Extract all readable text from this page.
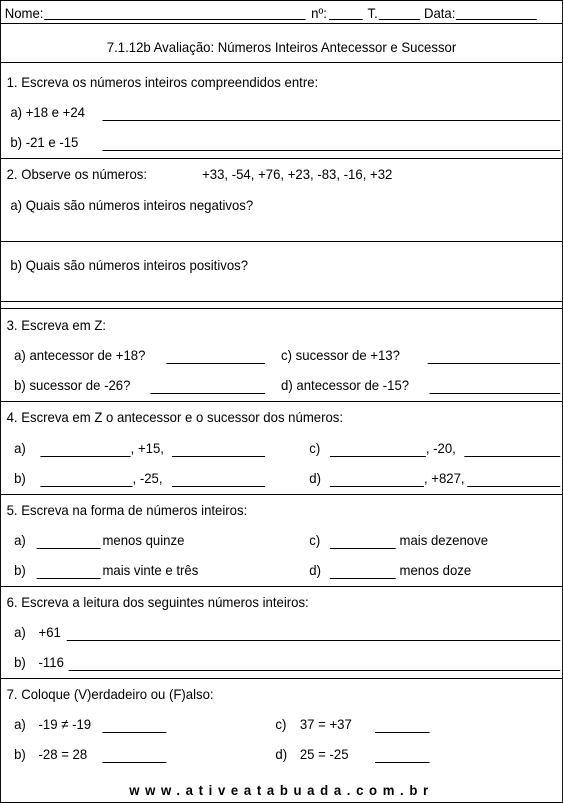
Nome:	nº:	T.	Data:
7.1.12b Avaliação: Números Inteiros Antecessor e Sucessor
1. Escreva os números inteiros compreendidos entre:
a) +18 e +24
b) -21 e -15
2. Observe os números:	+33, -54, +76, +23, -83, -16, +32
a) Quais são números inteiros negativos?
b) Quais são números inteiros positivos?
3. Escreva em Z:
a) antecessor de +18?	c) sucessor de +13?
b) sucessor de -26?	d) antecessor de -15?
4. Escreva em Z o antecessor e o sucessor dos números:
a)	, +15,	c)	, -20,
b)	, -25,	d)	, +827,
5. Escreva na forma de números inteiros:
a)	menos quinze	c)	mais dezenove
b)	mais vinte e três	d)	menos doze
6. Escreva a leitura dos seguintes números inteiros:
a) +61
b) -116
7. Coloque (V)erdadeiro ou (F)also:
a) -19 ≠ -19	c) 37 = +37
b) -28 = 28	d) 25 = -25
www.ativeatabuada.com.br
